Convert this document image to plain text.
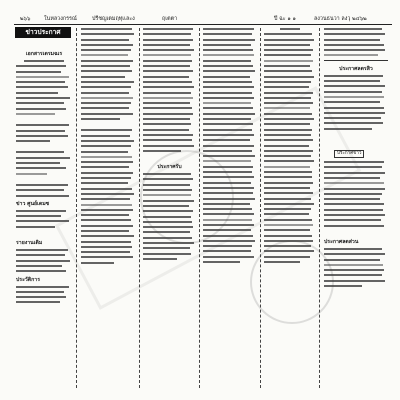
๒๖๖	ในหลวงกรรณ์	ปรีชญเตมฤทุเเละง	ฤเตตา	ปี ฉะ ๑ ๑	ลงวนธนวา ลงวุ ๒๔๖๒
ข่าวประกาศ
เอกสารเดรมฉเร
ข่าว ศูนย์เดมซ
รายงานเดิม
ประวัติการ
ประกาศรับ
ประกาศลดรสิว
ประกาศข่าว
ประกาศลดส่วน
